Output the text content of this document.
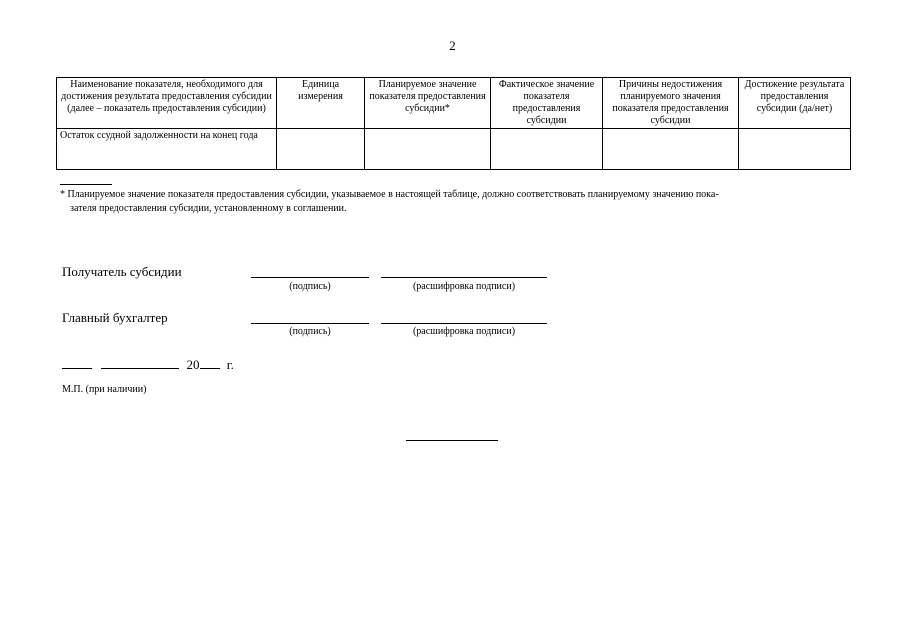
2
Наименование показателя, необходимого для достижения результата предоставления субсидии (далее – показатель предоставления субсидии)	Единица измерения	Планируемое значение показателя предоставления субсидии*	Фактическое значение показателя предоставления субсидии	Причины недостижения планируемого значения показателя предоставления субсидии	Достижение результата предоставления субсидии (да/нет)
Остаток ссудной задолженности на конец года					
* Планируемое значение показателя предоставления субсидии, указываемое в настоящей таблице, должно соответствовать планируемому значению пока-
зателя предоставления субсидии, установленному в соглашении.
Получатель субсидии
(подпись)	(расшифровка подписи)
Главный бухгалтер
(подпись)	(расшифровка подписи)
20 г.
М.П. (при наличии)
